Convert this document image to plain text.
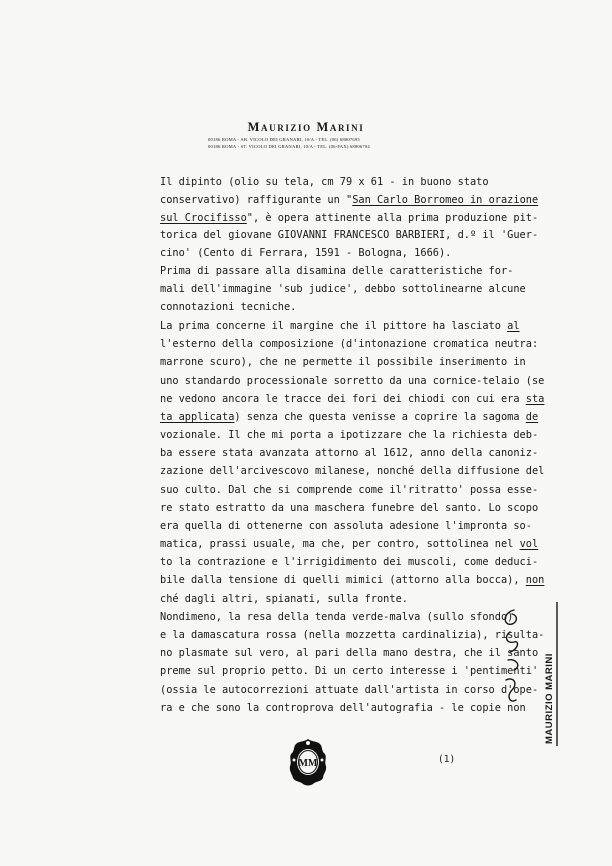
Maurizio Marini
00186 ROMA - AB. VICOLO DEI GRANARI, 10/A - TEL. (06) 68807695
00186 ROMA - ST. VICOLO DEI GRANARI, 10/A - TEL. (06-FAX) 68806704
Il dipinto (olio su tela, cm 79 x 61 - in buono stato
conservativo) raffigurante un "San Carlo Borromeo in orazione
sul Crocifisso", è opera attinente alla prima produzione pit-
torica del giovane GIOVANNI FRANCESCO BARBIERI, d.º il 'Guer-
cino' (Cento di Ferrara, 1591 - Bologna, 1666).
Prima di passare alla disamina delle caratteristiche for-
mali dell'immagine 'sub judice', debbo sottolinearne alcune
connotazioni tecniche.
La prima concerne il margine che il pittore ha lasciato al
l'esterno della composizione (d'intonazione cromatica neutra:
marrone scuro), che ne permette il possibile inserimento in
uno standardo processionale sorretto da una cornice-telaio (se
ne vedono ancora le tracce dei fori dei chiodi con cui era sta
ta applicata) senza che questa venisse a coprire la sagoma de
vozionale. Il che mi porta a ipotizzare che la richiesta deb-
ba essere stata avanzata attorno al 1612, anno della canoniz-
zazione dell'arcivescovo milanese, nonché della diffusione del
suo culto. Dal che si comprende come il'ritratto' possa esse-
re stato estratto da una maschera funebre del santo. Lo scopo
era quella di ottenerne con assoluta adesione l'impronta so-
matica, prassi usuale, ma che, per contro, sottolinea nel vol
to la contrazione e l'irrigidimento dei muscoli, come deduci-
bile dalla tensione di quelli mimici (attorno alla bocca), non
ché dagli altri, spianati, sulla fronte.
Nondimeno, la resa della tenda verde-malva (sullo sfondo)
e la damascatura rossa (nella mozzetta cardinalizia), risulta-
no plasmate sul vero, al pari della mano destra, che il santo
preme sul proprio petto. Di un certo interesse i 'pentimenti'
(ossia le autocorrezioni attuate dall'artista in corso d'ope-
ra e che sono la controprova dell'autografia - le copie non
MM	(1)
MAURIZIO MARINI
